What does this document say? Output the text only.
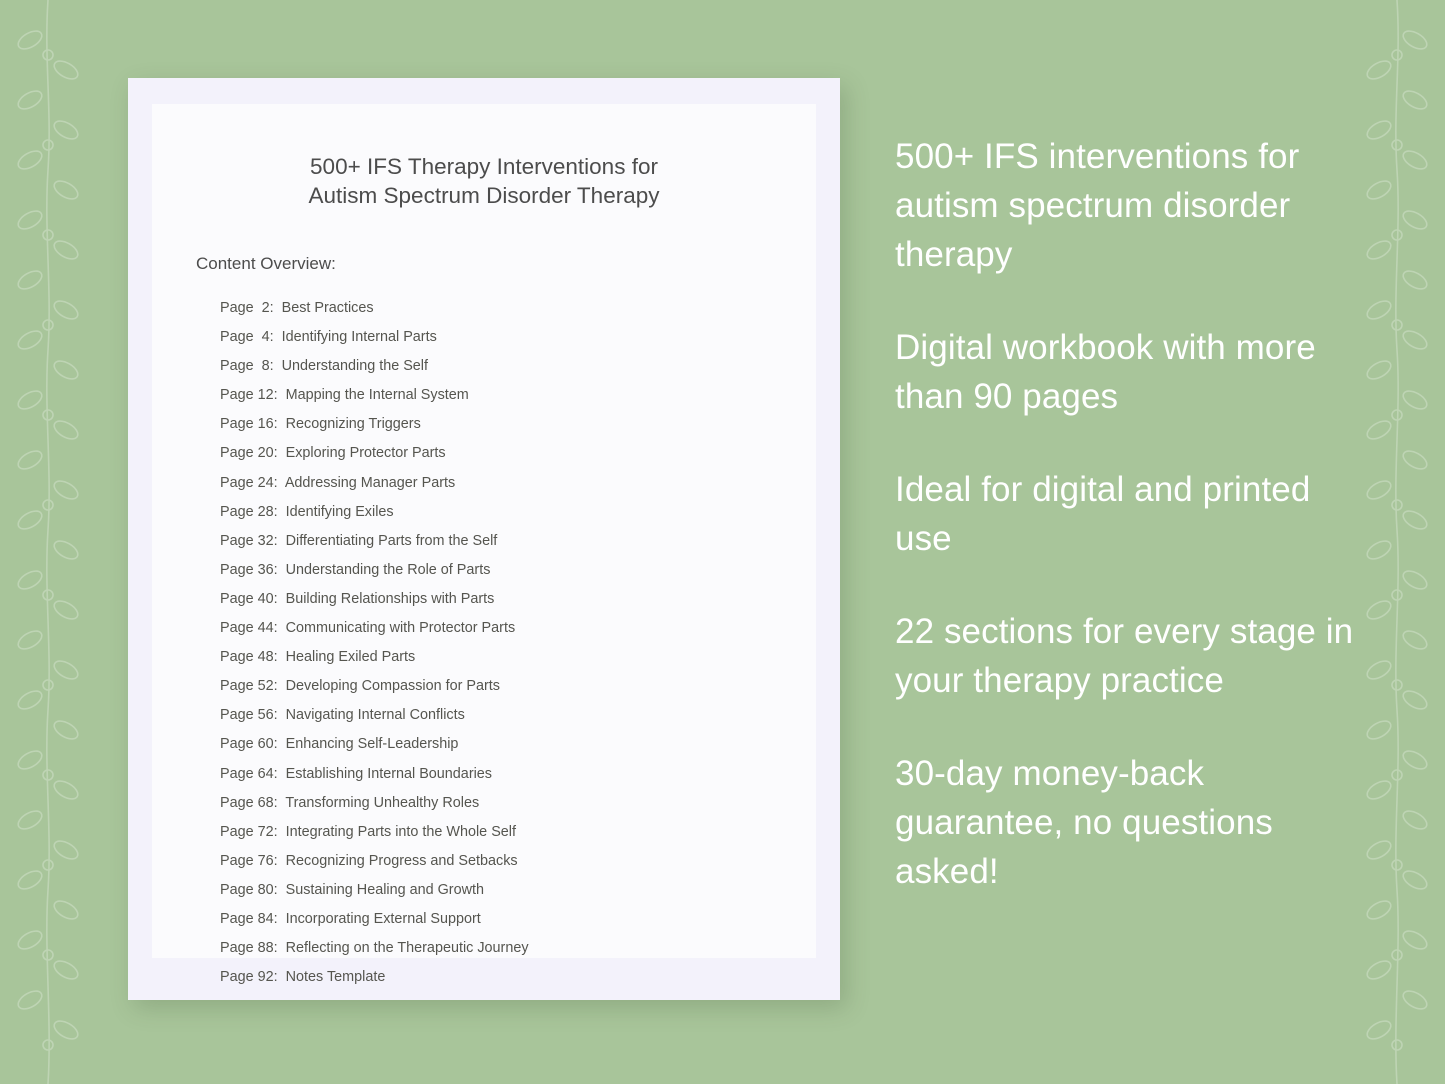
500+ IFS Therapy Interventions for
Autism Spectrum Disorder Therapy
Content Overview:
Page  2:  Best Practices
Page  4:  Identifying Internal Parts
Page  8:  Understanding the Self
Page 12:  Mapping the Internal System
Page 16:  Recognizing Triggers
Page 20:  Exploring Protector Parts
Page 24:  Addressing Manager Parts
Page 28:  Identifying Exiles
Page 32:  Differentiating Parts from the Self
Page 36:  Understanding the Role of Parts
Page 40:  Building Relationships with Parts
Page 44:  Communicating with Protector Parts
Page 48:  Healing Exiled Parts
Page 52:  Developing Compassion for Parts
Page 56:  Navigating Internal Conflicts
Page 60:  Enhancing Self-Leadership
Page 64:  Establishing Internal Boundaries
Page 68:  Transforming Unhealthy Roles
Page 72:  Integrating Parts into the Whole Self
Page 76:  Recognizing Progress and Setbacks
Page 80:  Sustaining Healing and Growth
Page 84:  Incorporating External Support
Page 88:  Reflecting on the Therapeutic Journey
Page 92:  Notes Template

500+ IFS interventions for autism spectrum disorder therapy

Digital workbook with more than 90 pages

Ideal for digital and printed use

22 sections for every stage in your therapy practice

30-day money-back guarantee, no questions asked!
